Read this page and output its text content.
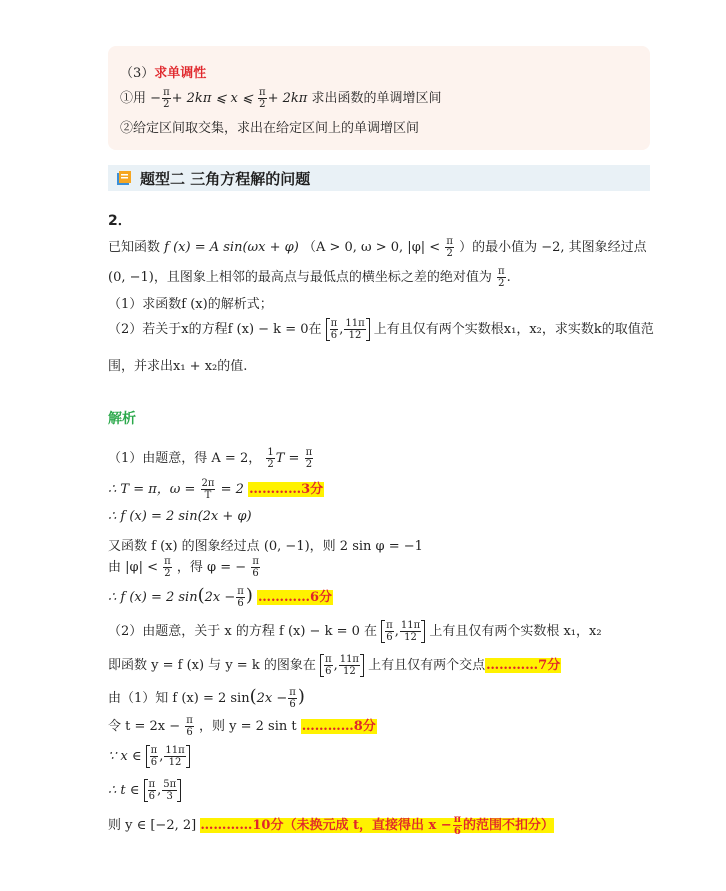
（3）求单调性
①用 − $\frac{\pi}{2} + 2k\pi$ ⩽ x ⩽ $\frac{\pi}{2} + 2k\pi$ 求出函数的单调增区间
②给定区间取交集，求出在给定区间上的单调增区间
题型二 三角方程解的问题
2．
已知函数 f (x) = A sin(ωx + φ) （A > 0, ω > 0, $|\varphi| < \frac{\pi}{2}$ ）的最小值为 −2, 其图象经过点
(0, −1)，且图象上相邻的最高点与最低点的横坐标之差的绝对值为 $\frac{\pi}{2}$ .
（1）求函数f (x)的解析式；
（2）若关于x的方程f (x) − k = 0在 $\frac{\pi}{6}$ , $\frac{11\pi}{12}$ 上有且仅有两个实数根x₁，x₂，求实数k的取值范
围，并求出x₁ + x₂的值.
解析
（1）由题意，得 A = 2， $\frac{1}{2}$ $T = \frac{\pi}{2}$
∴ T = π，$\omega = \frac{2\pi}{T} = 2$ …………3分
∴ f (x) = 2 sin(2x + φ)
又函数 f (x) 的图象经过点 (0, −1)，则 2 sin φ = −1
由 $|\varphi| < \frac{\pi}{2}$ ，得 φ = − $\frac{\pi}{6}$
∴ f (x) = 2 $\sin(2x - \frac{\pi}{6}$ ) …………6分
（2）由题意，关于 x 的方程 f (x) − k = 0 在 $\frac{\pi}{6}$ , $\frac{11\pi}{12}$ 上有且仅有两个实数根 x₁，x₂
即函数 y = f (x) 与 y = k 的图象在 $\frac{\pi}{6}$ , $\frac{11\pi}{12}$ 上有且仅有两个交点…………7分
由（1）知 f (x) = 2 $\sin(2x - \frac{\pi}{6}$ )
令 $t = 2x - \frac{\pi}{6}$ ，则 y = 2 sin t …………8分
∵ x ∈ $\frac{\pi}{6}$ , $\frac{11\pi}{12}$
∴ t ∈ $\frac{\pi}{6}$ , $\frac{5\pi}{3}$
则 y ∈ [−2, 2] …………10分（未换元成 t，直接得出 $x - \frac{\pi}{6}$ 的范围不扣分）
